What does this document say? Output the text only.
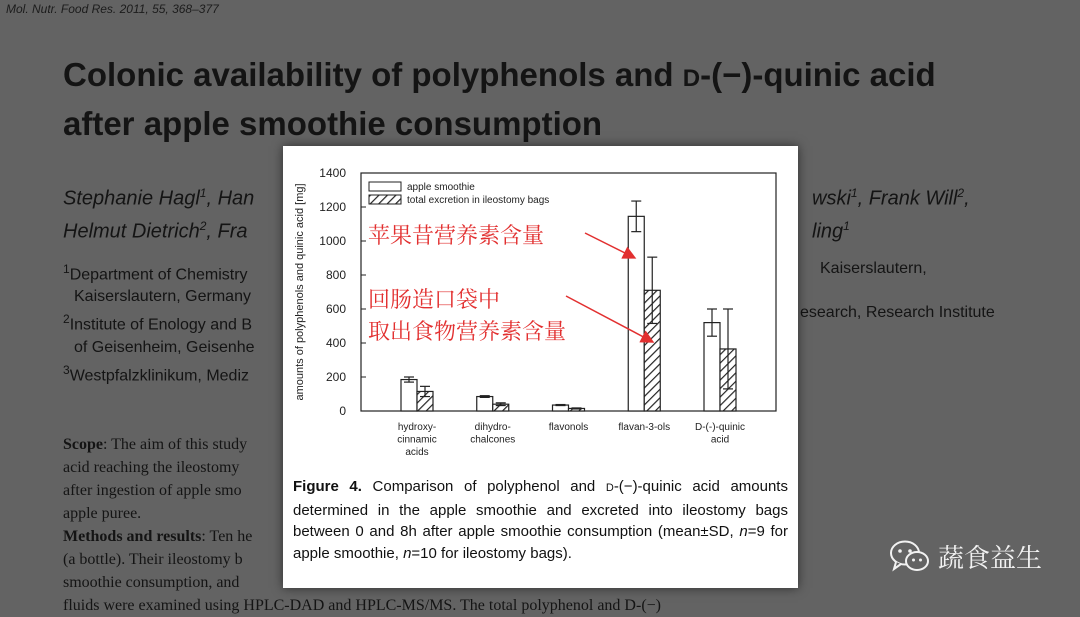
Mol. Nutr. Food Res. 2011, 55, 368–377
Colonic availability of polyphenols and D-(−)-quinic acid
after apple smoothie consumption
Stephanie Hagl$^1$, Han
Helmut Dietrich$^2$, Fra
wski$^1$, Frank Will$^2$,
ling$^1$
$^1$Department of Chemistry
Kaiserslautern, Germany
$^2$Institute of Enology and B
of Geisenheim, Geisenhe
$^3$Westpfalzklinikum, Mediz
Kaiserslautern,
esearch, Research Institute
Scope: The aim of this study
acid reaching the ileostomy
after ingestion of apple smo
apple puree.
Methods and results: Ten he
(a bottle). Their ileostomy b
smoothie consumption, and
fluids were examined using HPLC-DAD and HPLC-MS/MS. The total polyphenol and D-(−)
0
200
400
600
800
1000
1200
1400
amounts of polyphenols and quinic acid [mg]
hydroxy-
cinnamic
acids
dihydro-
chalcones
flavonols	flavan-3-ols D-(-)-quinic
acid
apple smoothie
total excretion in ileostomy bags
苹果昔营养素含量
回肠造口袋中
取出食物营养素含量
Figure 4. Comparison of polyphenol and D-(−)-quinic acid amounts determined in the apple smoothie and excreted into ileostomy bags between 0 and 8h after apple smoothie consumption (mean±SD, n=9 for apple smoothie, n=10 for ileostomy bags).	蔬食益生
